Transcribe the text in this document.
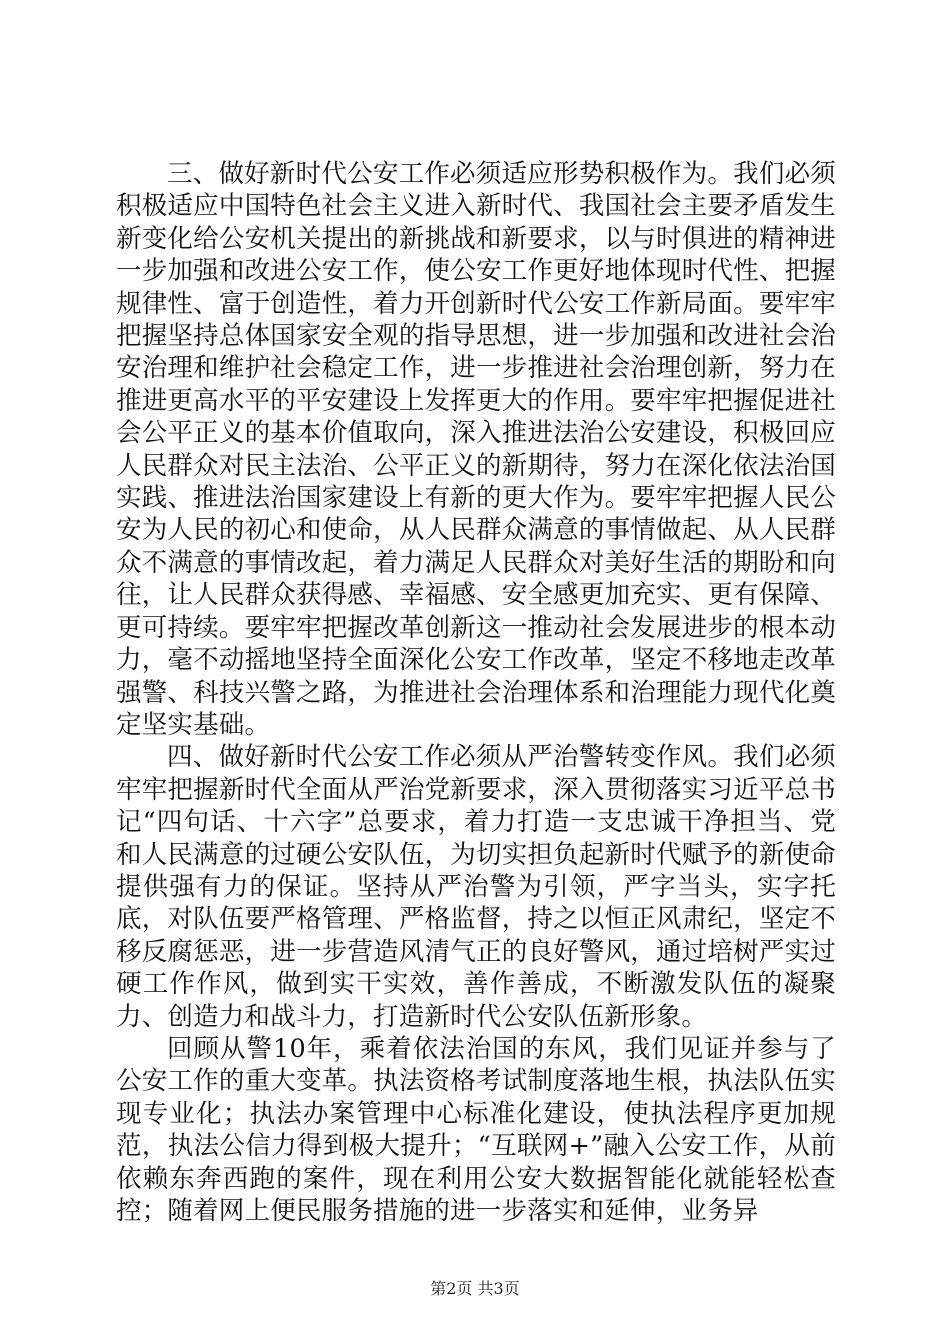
三、做好新时代公安工作必须适应形势积极作为。我们必须积极适应中国特色社会主义进入新时代、我国社会主要矛盾发生新变化给公安机关提出的新挑战和新要求，以与时俱进的精神进一步加强和改进公安工作，使公安工作更好地体现时代性、把握规律性、富于创造性，着力开创新时代公安工作新局面。要牢牢把握坚持总体国家安全观的指导思想，进一步加强和改进社会治安治理和维护社会稳定工作，进一步推进社会治理创新，努力在推进更高水平的平安建设上发挥更大的作用。要牢牢把握促进社会公平正义的基本价值取向，深入推进法治公安建设，积极回应人民群众对民主法治、公平正义的新期待，努力在深化依法治国实践、推进法治国家建设上有新的更大作为。要牢牢把握人民公安为人民的初心和使命，从人民群众满意的事情做起、从人民群众不满意的事情改起，着力满足人民群众对美好生活的期盼和向往，让人民群众获得感、幸福感、安全感更加充实、更有保障、更可持续。要牢牢把握改革创新这一推动社会发展进步的根本动力，毫不动摇地坚持全面深化公安工作改革，坚定不移地走改革强警、科技兴警之路，为推进社会治理体系和治理能力现代化奠定坚实基础。

四、做好新时代公安工作必须从严治警转变作风。我们必须牢牢把握新时代全面从严治党新要求，深入贯彻落实习近平总书记“四句话、十六字”总要求，着力打造一支忠诚干净担当、党和人民满意的过硬公安队伍，为切实担负起新时代赋予的新使命提供强有力的保证。坚持从严治警为引领，严字当头，实字托底，对队伍要严格管理、严格监督，持之以恒正风肃纪，坚定不移反腐惩恶，进一步营造风清气正的良好警风，通过培树严实过硬工作作风，做到实干实效，善作善成，不断激发队伍的凝聚力、创造力和战斗力，打造新时代公安队伍新形象。

回顾从警10年，乘着依法治国的东风，我们见证并参与了公安工作的重大变革。执法资格考试制度落地生根，执法队伍实现专业化；执法办案管理中心标准化建设，使执法程序更加规范，执法公信力得到极大提升；“互联网+”融入公安工作，从前依赖东奔西跑的案件，现在利用公安大数据智能化就能轻松查控；随着网上便民服务措施的进一步落实和延伸，业务异

第2页 共3页
